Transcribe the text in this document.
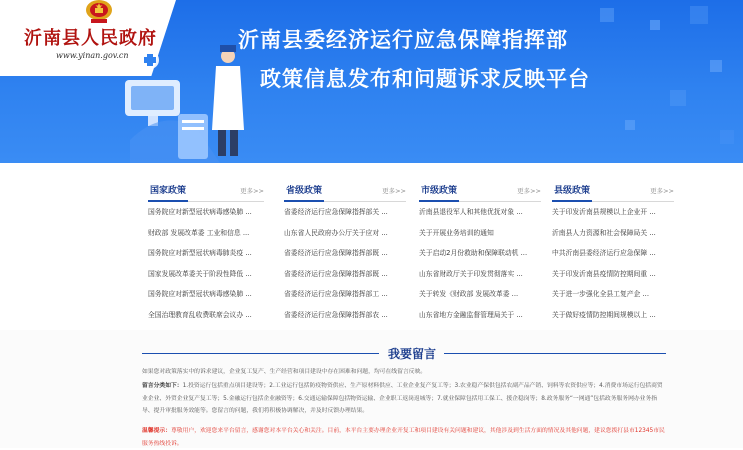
沂南县人民政府
www.yinan.gov.cn
沂南县委经济运行应急保障指挥部
政策信息发布和问题诉求反映平台
国家政策	更多>>
国务院应对新型冠状病毒感染肺 ...
财政部 发展改革委 工业和信息 ...
国务院应对新型冠状病毒肺炎疫 ...
国家发展改革委关于阶段性降低 ...
国务院应对新型冠状病毒感染肺 ...
全国治理教育乱收费联席会议办 ...
省级政策	更多>>
省委经济运行应急保障指挥部关 ...
山东省人民政府办公厅关于应对 ...
省委经济运行应急保障指挥部既 ...
省委经济运行应急保障指挥部既 ...
省委经济运行应急保障指挥部工 ...
省委经济运行应急保障指挥部农 ...
市级政策	更多>>
沂南县退役军人和其他优抚对象 ...
关于开展业务培训的通知
关于启动2月份救助和保障联动机 ...
山东省财政厅关于印发贯彻落实 ...
关于转发《财政部 发展改革委 ...
山东省地方金融监督管理局关于 ...
县级政策	更多>>
关于印发沂南县规模以上企业开 ...
沂南县人力资源和社会保障局关 ...
中共沂南县委经济运行应急保障 ...
关于印发沂南县疫情防控期间重 ...
关于进一步强化全县工复产企 ...
关于做好疫情防控期间规模以上 ...
我要留言
如果您对政策落实中的诉求建议，企业复工复产、生产经营和项目建设中存在困难和问题，均可在线留言反映。
留言分类如下：1.投资运行包括重点项目建设等；2.工业运行包括防疫物资供应、生产原材料供应、工业企业复产复工等；3.农业稳产保供包括农副产品产销、饲料等农资供应等；4.消费市场运行包括商贸业企业、外贸企业复产复工等；5.金融运行包括企业融资等；6.交通运输保障包括物资运输、企业职工返岗返城等；7.就业保障包括用工保工、援企稳岗等；8.政务服务“一网通”包括政务服务网办业务指导、提升审批服务效能等。您留言的问题，我们将积极协调解决，并及时反馈办理结果。
温馨提示：尊敬用户，欢迎您来平台留言，感谢您对本平台关心和关注。目前，本平台主要办理企业开复工和项目建设有关问题和建议，其他涉及到生活方面的情况及其他问题，建议您拨打县市12345市民服务热线投诉。
